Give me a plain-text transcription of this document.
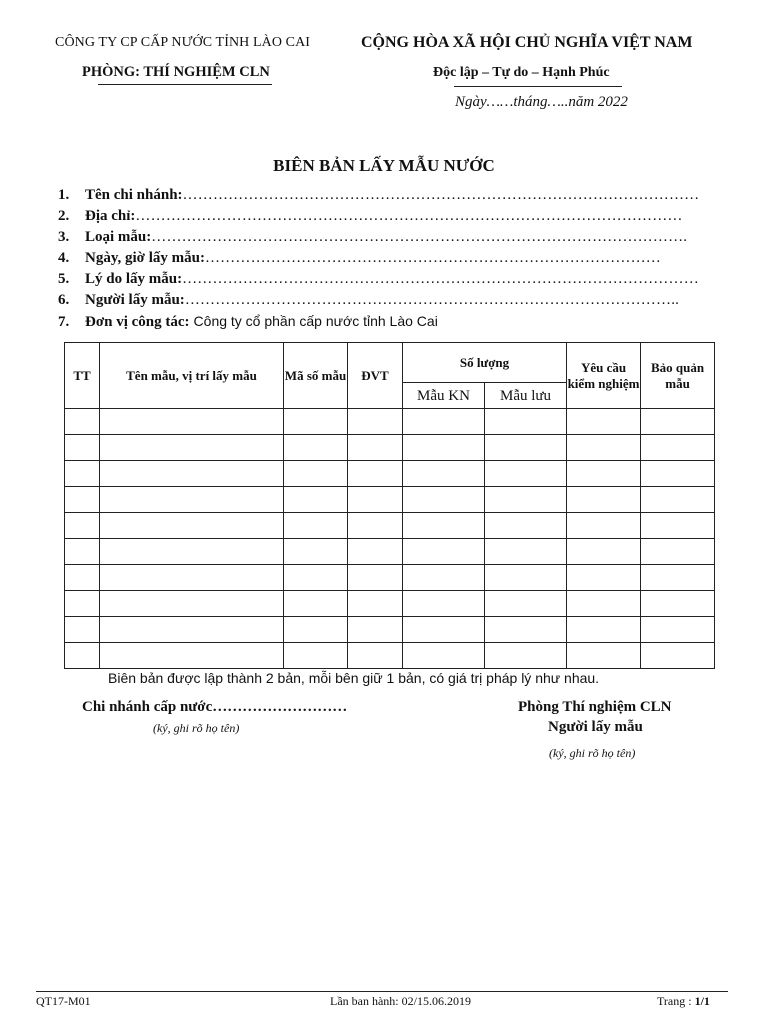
CÔNG TY CP CẤP NƯỚC TỈNH LÀO CAI
PHÒNG: THÍ NGHIỆM CLN
CỘNG HÒA XÃ HỘI CHỦ NGHĨA VIỆT NAM
Độc lập – Tự do – Hạnh Phúc
Ngày……tháng…..năm 2022
BIÊN BẢN LẤY MẪU NƯỚC
1.	Tên chi nhánh: …………………………………………………………………………………………
2.	Địa chỉ: ………………………………………………………………………………………………
3.	Loại mẫu: …………………………………………………………………………………………….
4.	Ngày, giờ lấy mẫu: ………………………………………………………………………………
5.	Lý do lấy mẫu: …………………………………………………………………………………………
6.	Người lấy mẫu: ……………………………………………………………………………………..
7.	Đơn vị công tác: Công ty cổ phần cấp nước tỉnh Lào Cai
TT	Tên mẫu, vị trí lấy mẫu	Mã số mẫu	ĐVT	Số lượng		Yêu cầu kiểm nghiệm	Bảo quản mẫu
				Mẫu KN	Mẫu lưu		

Biên bản được lập thành 2 bản, mỗi bên giữ 1 bản, có giá trị pháp lý như nhau.
Chi nhánh cấp nước………………………
(ký, ghi rõ họ tên)
Phòng Thí nghiệm CLN
Người lấy mẫu
(ký, ghi rõ họ tên)
QT17-M01	Lần ban hành: 02/15.06.2019	Trang : 1/1
